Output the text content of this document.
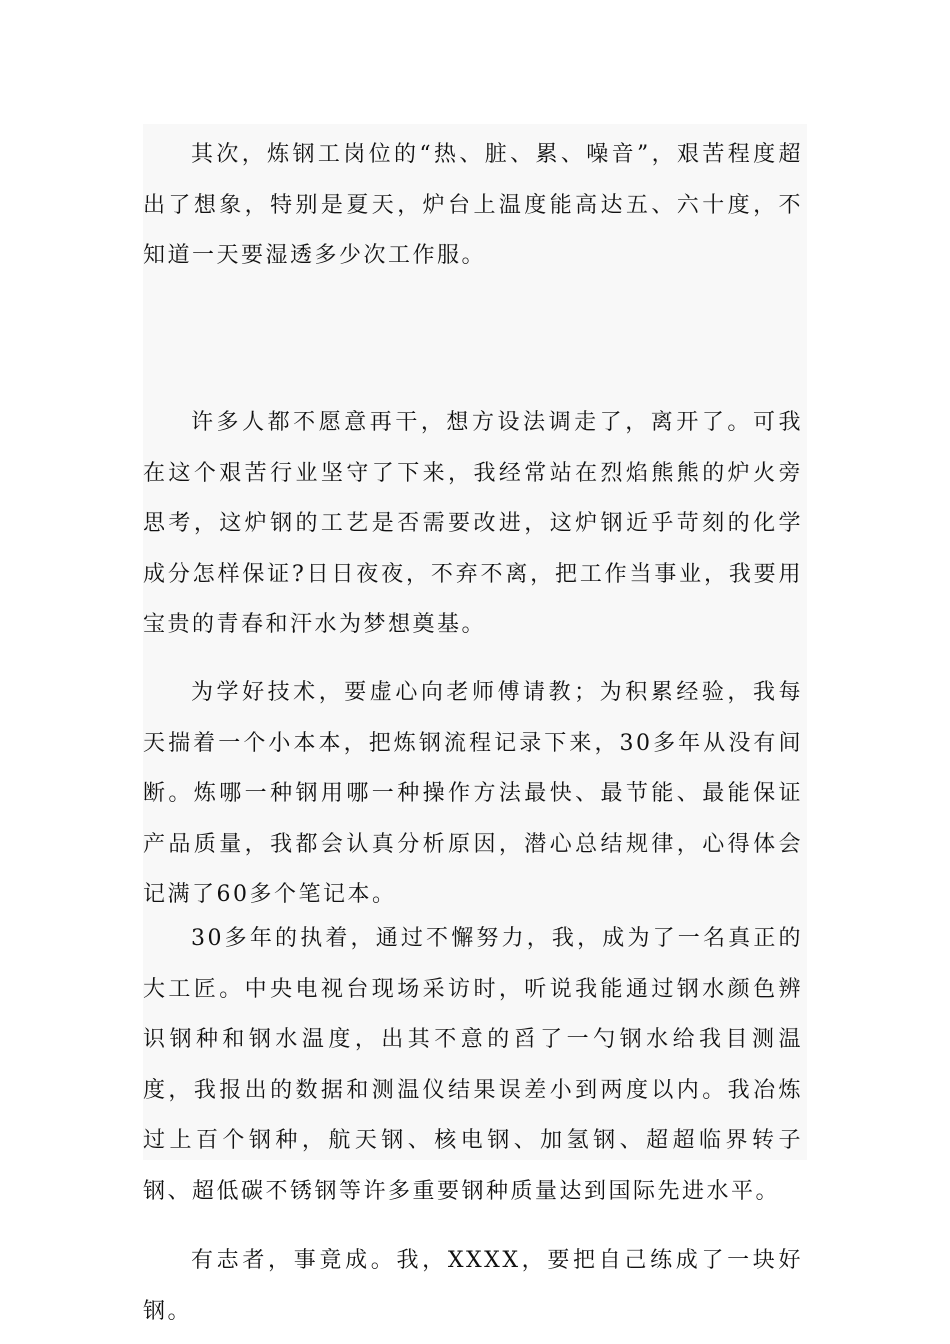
其次，炼钢工岗位的“热、脏、累、噪音”，艰苦程度超出了想象，特别是夏天，炉台上温度能高达五、六十度，不知道一天要湿透多少次工作服。

许多人都不愿意再干，想方设法调走了，离开了。可我在这个艰苦行业坚守了下来，我经常站在烈焰熊熊的炉火旁思考，这炉钢的工艺是否需要改进，这炉钢近乎苛刻的化学成分怎样保证?日日夜夜，不弃不离，把工作当事业，我要用宝贵的青春和汗水为梦想奠基。

为学好技术，要虚心向老师傅请教；为积累经验，我每天揣着一个小本本，把炼钢流程记录下来，30多年从没有间断。炼哪一种钢用哪一种操作方法最快、最节能、最能保证产品质量，我都会认真分析原因，潜心总结规律，心得体会记满了60多个笔记本。

30多年的执着，通过不懈努力，我，成为了一名真正的大工匠。中央电视台现场采访时，听说我能通过钢水颜色辨识钢种和钢水温度，出其不意的舀了一勺钢水给我目测温度，我报出的数据和测温仪结果误差小到两度以内。我冶炼过上百个钢种，航天钢、核电钢、加氢钢、超超临界转子钢、超低碳不锈钢等许多重要钢种质量达到国际先进水平。

有志者，事竟成。我，XXXX，要把自己练成了一块好钢。
